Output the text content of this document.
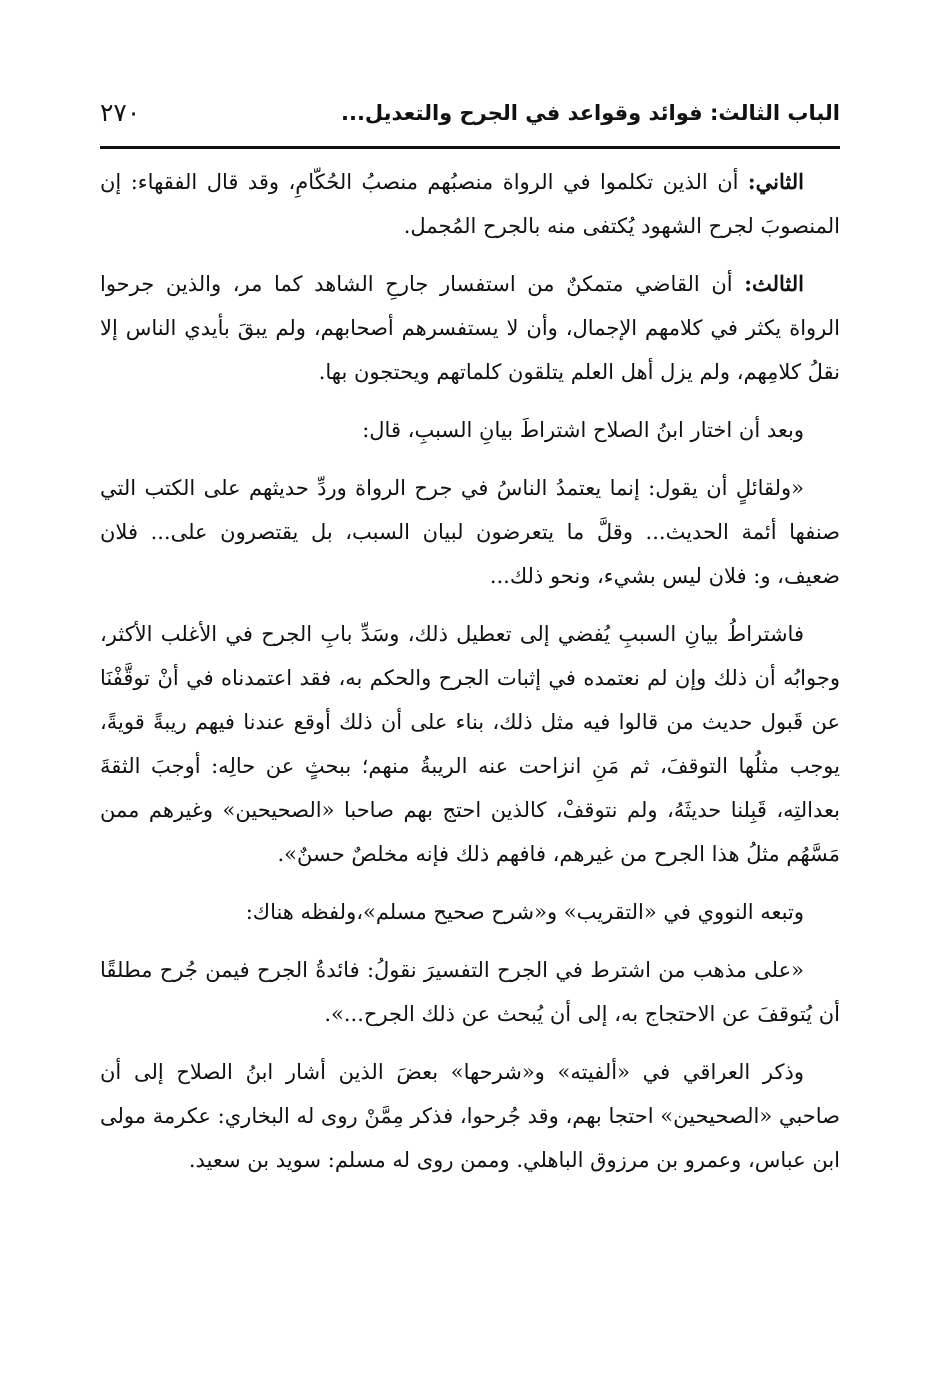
الباب الثالث: فوائد وقواعد في الجرح والتعديل...
٢٧٠

الثاني: أن الذين تكلموا في الرواة منصبُهم منصبُ الحُكّامِ، وقد قال الفقهاء: إن المنصوبَ لجرح الشهود يُكتفى منه بالجرح المُجمل.

الثالث: أن القاضي متمكنٌ من استفسار جارحِ الشاهد كما مر، والذين جرحوا الرواة يكثر في كلامهم الإجمال، وأن لا يستفسرهم أصحابهم، ولم يبقَ بأيدي الناس إلا نقلُ كلامِهم، ولم يزل أهل العلم يتلقون كلماتهم ويحتجون بها.

وبعد أن اختار ابنُ الصلاح اشتراطَ بيانِ السببِ، قال:

«ولقائلٍ أن يقول: إنما يعتمدُ الناسُ في جرح الرواة وردِّ حديثهم على الكتب التي صنفها أئمة الحديث... وقلَّ ما يتعرضون لبيان السبب، بل يقتصرون على... فلان ضعيف، و: فلان ليس بشيء، ونحو ذلك...

فاشتراطُ بيانِ السببِ يُفضي إلى تعطيل ذلك، وسَدِّ بابِ الجرح في الأغلب الأكثر، وجوابُه أن ذلك وإن لم نعتمده في إثبات الجرح والحكم به، فقد اعتمدناه في أنْ توقَّفْنَا عن قَبول حديث من قالوا فيه مثل ذلك، بناء على أن ذلك أوقع عندنا فيهم ريبةً قويةً، يوجب مثلُها التوقفَ، ثم مَنِ انزاحت عنه الريبةُ منهم؛ ببحثٍ عن حالِه: أوجبَ الثقةَ بعدالتِه، قَبِلنا حديثَهُ، ولم نتوقفْ، كالذين احتج بهم صاحبا «الصحيحين» وغيرهم ممن مَسَّهُم مثلُ هذا الجرح من غيرهم، فافهم ذلك فإنه مخلصٌ حسنٌ».

وتبعه النووي في «التقريب» و«شرح صحيح مسلم»،ولفظه هناك:

«على مذهب من اشترط في الجرح التفسيرَ نقولُ: فائدةُ الجرح فيمن جُرح مطلقًا أن يُتوقفَ عن الاحتجاج به، إلى أن يُبحث عن ذلك الجرح...».

وذكر العراقي في «ألفيته» و«شرحها» بعضَ الذين أشار ابنُ الصلاح إلى أن صاحبي «الصحيحين» احتجا بهم، وقد جُرحوا، فذكر مِمَّنْ روى له البخاري: عكرمة مولى ابن عباس، وعمرو بن مرزوق الباهلي. وممن روى له مسلم: سويد بن سعيد.
